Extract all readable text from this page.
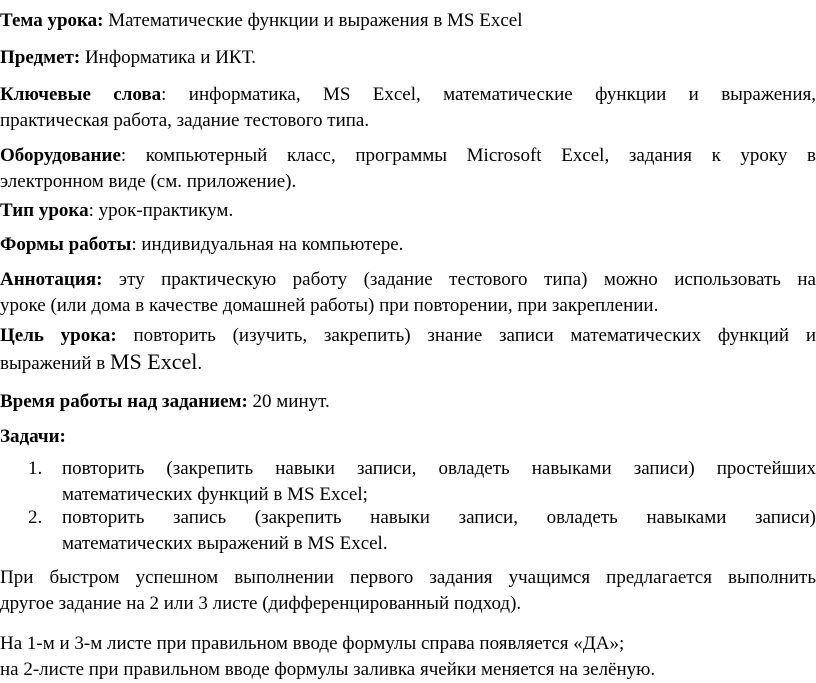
Тема урока: Математические функции и выражения в MS Excel
Предмет: Информатика и ИКТ.
Ключевые слова: информатика, MS Excel, математические функции и выражения,
практическая работа, задание тестового типа.
Оборудование: компьютерный класс, программы Microsoft Excel, задания к уроку в
электронном виде (см. приложение).
Тип урока: урок-практикум.
Формы работы: индивидуальная на компьютере.
Аннотация: эту практическую работу (задание тестового типа) можно использовать на
уроке (или дома в качестве домашней работы) при повторении, при закреплении.
Цель урока: повторить (изучить, закрепить) знание записи математических функций и
выражений в MS Excel.
Время работы над заданием: 20 минут.
Задачи:
1.	повторить (закрепить навыки записи, овладеть навыками записи) простейших
математических функций в MS Excel;
2.	повторить запись (закрепить навыки записи, овладеть навыками записи)
математических выражений в MS Excel.
При быстром успешном выполнении первого задания учащимся предлагается выполнить
другое задание на 2 или 3 листе (дифференцированный подход).
На 1-м и 3-м листе при правильном вводе формулы справа появляется «ДА»;
на 2-листе при правильном вводе формулы заливка ячейки меняется на зелёную.
